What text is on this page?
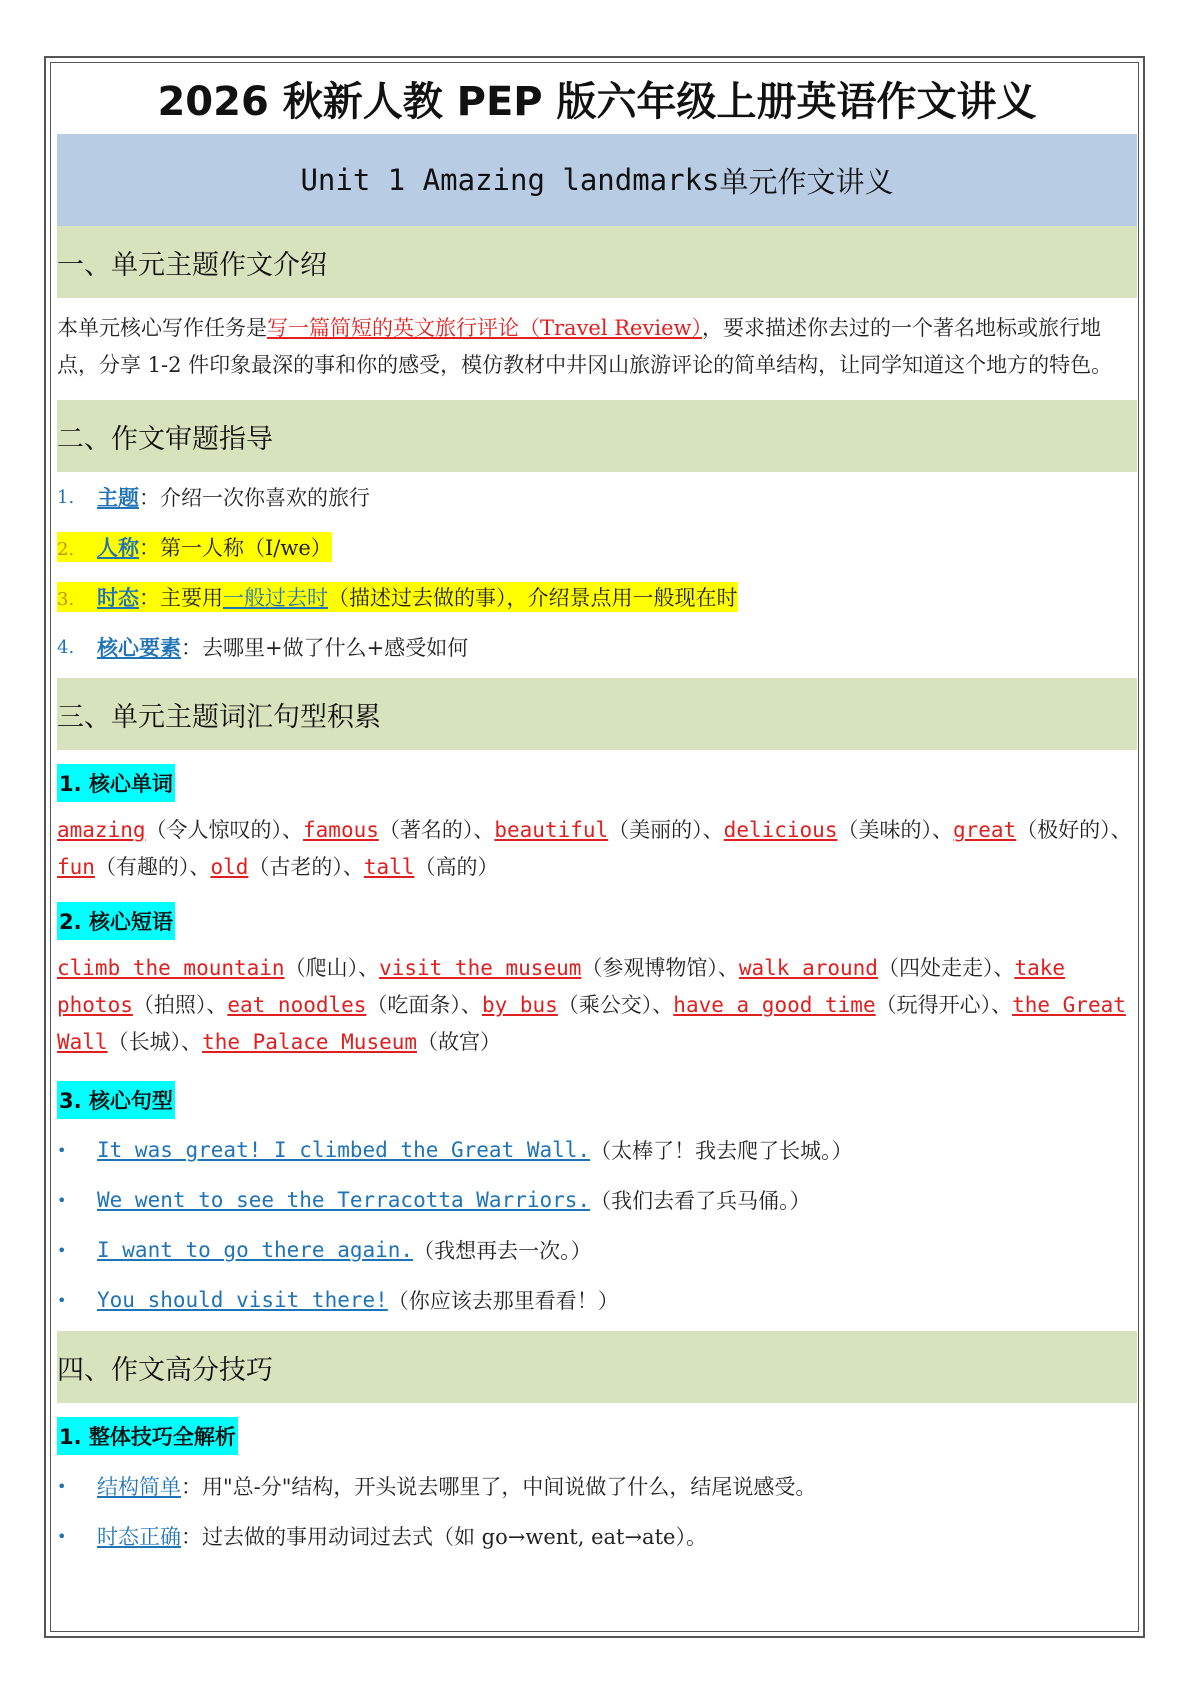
2026 秋新人教 PEP 版六年级上册英语作文讲义
Unit 1 Amazing landmarks 单元作文讲义
一、单元主题作文介绍

本单元核心写作任务是写一篇简短的英文旅行评论（Travel Review），要求描述你去过的一个著名地标或旅行地点，分享 1-2 件印象最深的事和你的感受，模仿教材中井冈山旅游评论的简单结构，让同学知道这个地方的特色。

二、作文审题指导
1.	主题 ：介绍一次你喜欢的旅行
2. 人称：第一人称（I/we）
3. 时态：主要用一般过去时（描述过去做的事），介绍景点用一般现在时
4.	核心要素 ：去哪里+做了什么+感受如何
三、单元主题词汇句型积累
1. 核心单词

amazing（令人惊叹的）、famous（著名的）、beautiful（美丽的）、delicious（美味的）、great（极好的）、fun（有趣的）、old（古老的）、tall（高的）

2. 核心短语

climb the mountain（爬山）、visit the museum（参观博物馆）、walk around（四处走走）、take photos（拍照）、eat noodles（吃面条）、by bus（乘公交）、have a good time（玩得开心）、the Great Wall（长城）、the Palace Museum（故宫）

3. 核心句型
•	It was great! I climbed the Great Wall. （太棒了！我去爬了长城。）
•	We went to see the Terracotta Warriors. （我们去看了兵马俑。）
•	I want to go there again. （我想再去一次。）
•	You should visit there! （你应该去那里看看！）
四、作文高分技巧
1. 整体技巧全解析
•	结构简单 ：用"总-分"结构，开头说去哪里了，中间说做了什么，结尾说感受。
•	时态正确 ：过去做的事用动词过去式（如 go→went, eat→ate）。
